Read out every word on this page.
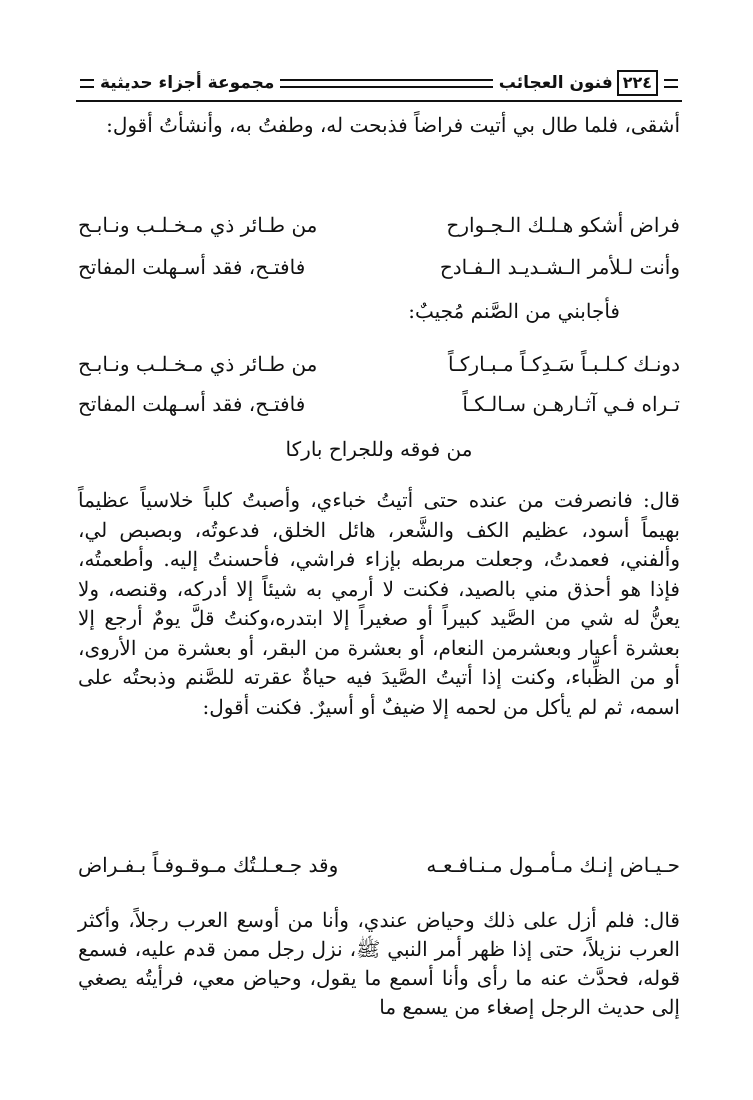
٢٢٤
فنون العجائب
مجموعة أجزاء حديثية

أشقى، فلما طال بي أتيت فراضاً فذبحت له، وطفتُ به، وأنشأتُ أقول:

فراض أشكو هـلـك الـجـوارح
من طـائر ذي مـخـلـب ونـابـح
وأنت لـلأمر الـشـديـد الـفـادح
فافتـح، فقد أسـهلت المفاتح
فأجابني من الصَّنم مُجيبٌ:
دونـك كـلـبـاً سَـدِكـاً مـبـاركـاً
من طـائر ذي مـخـلـب ونـابـح
تـراه فـي آثـارهـن سـالـكـاً
فافتـح، فقد أسـهلت المفاتح
من فوقه وللجراح باركا

قال: فانصرفت من عنده حتى أتيتُ خباءي، وأصبتُ كلباً خلاسياً عظيماً بهيماً أسود، عظيم الكف والشَّعر، هائل الخلق، فدعوتُه، وبصبص لي، وألفني، فعمدتُ، وجعلت مربطه بإزاء فراشي، فأحسنتُ إليه. وأطعمتُه، فإذا هو أحذق مني بالصيد، فكنت لا أرمي به شيئاً إلا أدركه، وقنصه، ولا يعنُّ له شي من الصَّيد كبيراً أو صغيراً إلا ابتدره،وكنتُ قلَّ يومٌ أرجع إلا بعشرة أعيار وبعشرمن النعام، أو بعشرة من البقر، أو بعشرة من الأروى، أو من الظِّباء، وكنت إذا أتيتُ الصَّيدَ فيه حياةٌ عقرته للصَّنم وذبحتُه على اسمه، ثم لم يأكل من لحمه إلا ضيفٌ أو أسيرٌ. فكنت أقول:

حـيـاض إنـك مـأمـول مـنـافـعـه
وقد جـعـلـتُك مـوقـوفـاً بـفـراض

قال: فلم أزل على ذلك وحياض عندي، وأنا من أوسع العرب رجلاً، وأكثر العرب نزيلاً، حتى إذا ظهر أمر النبي ﷺ، نزل رجل ممن قدم عليه، فسمع قوله، فحدَّث عنه ما رأى وأنا أسمع ما يقول، وحياض معي، فرأيتُه يصغي إلى حديث الرجل إصغاء من يسمع ما
